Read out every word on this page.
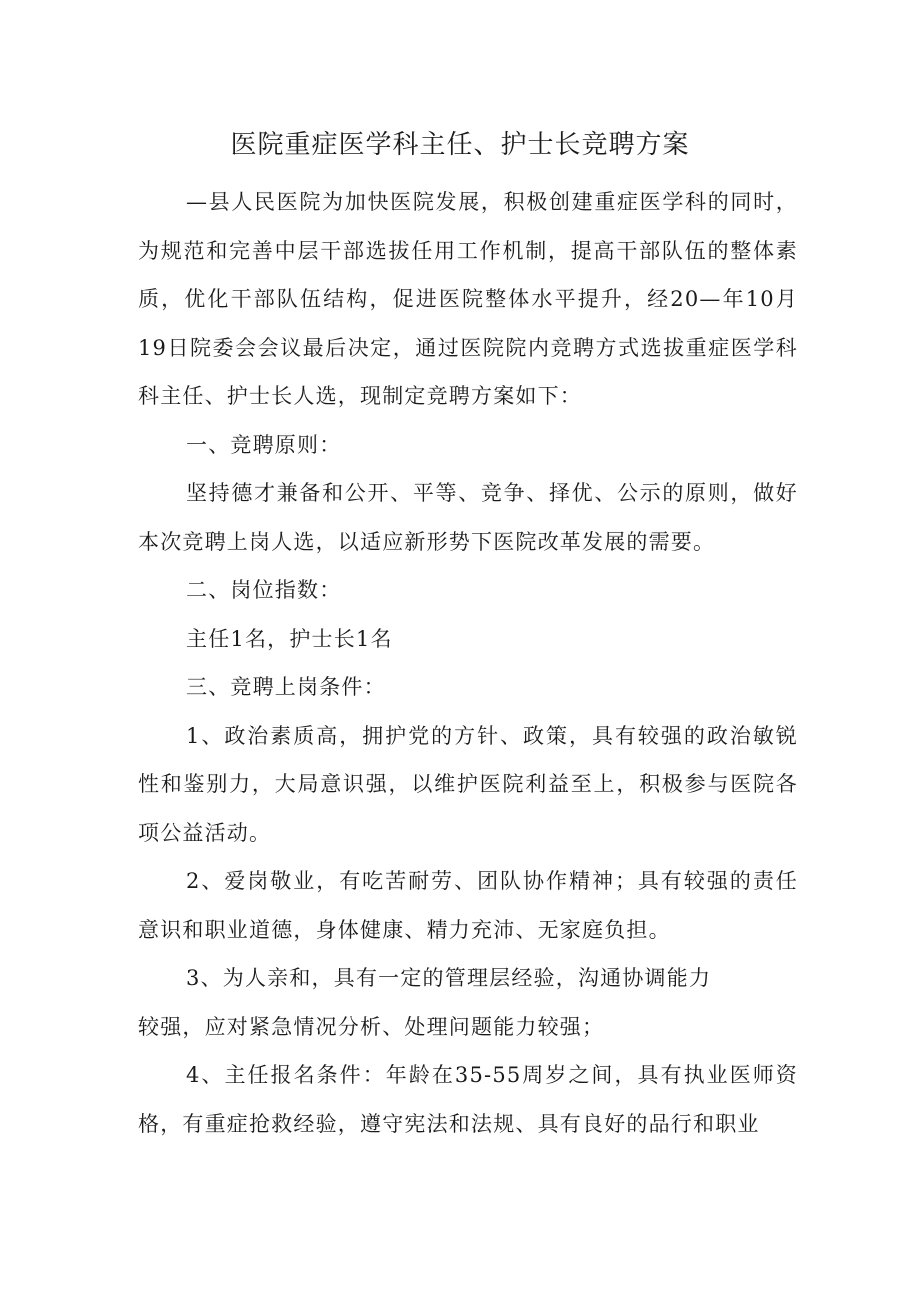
医院重症医学科主任、护士长竞聘方案

—县人民医院为加快医院发展，积极创建重症医学科的同时，为规范和完善中层干部选拔任用工作机制，提高干部队伍的整体素质，优化干部队伍结构，促进医院整体水平提升，经20—年10月19日院委会会议最后决定，通过医院院内竞聘方式选拔重症医学科科主任、护士长人选，现制定竞聘方案如下：

一、竞聘原则：

坚持德才兼备和公开、平等、竞争、择优、公示的原则，做好本次竞聘上岗人选，以适应新形势下医院改革发展的需要。

二、岗位指数：

主任1名，护士长1名

三、竞聘上岗条件：

1、政治素质高，拥护党的方针、政策，具有较强的政治敏锐性和鉴别力，大局意识强，以维护医院利益至上，积极参与医院各项公益活动。

2、爱岗敬业，有吃苦耐劳、团队协作精神；具有较强的责任意识和职业道德，身体健康、精力充沛、无家庭负担。

3、为人亲和，具有一定的管理层经验，沟通协调能力

较强，应对紧急情况分析、处理问题能力较强；

4、主任报名条件：年龄在35-55周岁之间，具有执业医师资格，有重症抢救经验，遵守宪法和法规、具有良好的品行和职业
